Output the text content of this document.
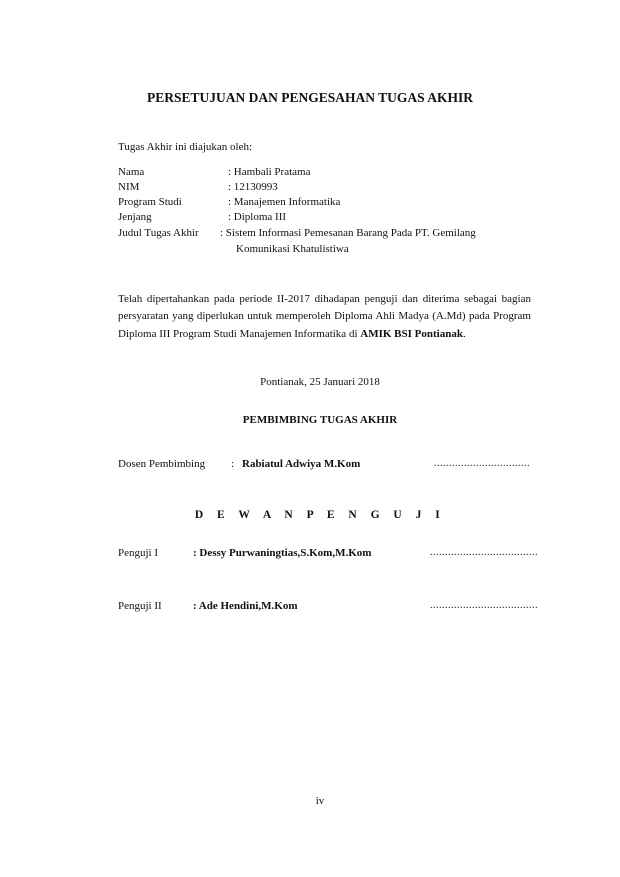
PERSETUJUAN DAN PENGESAHAN TUGAS AKHIR
Tugas Akhir ini diajukan oleh:
Nama	: Hambali Pratama
NIM	: 12130993
Program Studi	: Manajemen Informatika
Jenjang	: Diploma III
Judul Tugas Akhir : Sistem Informasi Pemesanan Barang Pada PT. Gemilang
Komunikasi Khatulistiwa
Telah dipertahankan pada periode II-2017 dihadapan penguji dan diterima sebagai bagian persyaratan yang diperlukan untuk memperoleh Diploma Ahli Madya (A.Md) pada Program Diploma III Program Studi Manajemen Informatika di AMIK BSI Pontianak.
Pontianak, 25 Januari 2018
PEMBIMBING TUGAS AKHIR
Dosen Pembimbing : Rabiatul Adwiya M.Kom	................................
D E W A N P E N G U J I
Penguji I	: Dessy Purwaningtias,S.Kom,M.Kom	....................................
Penguji II	: Ade Hendini,M.Kom	....................................
iv
